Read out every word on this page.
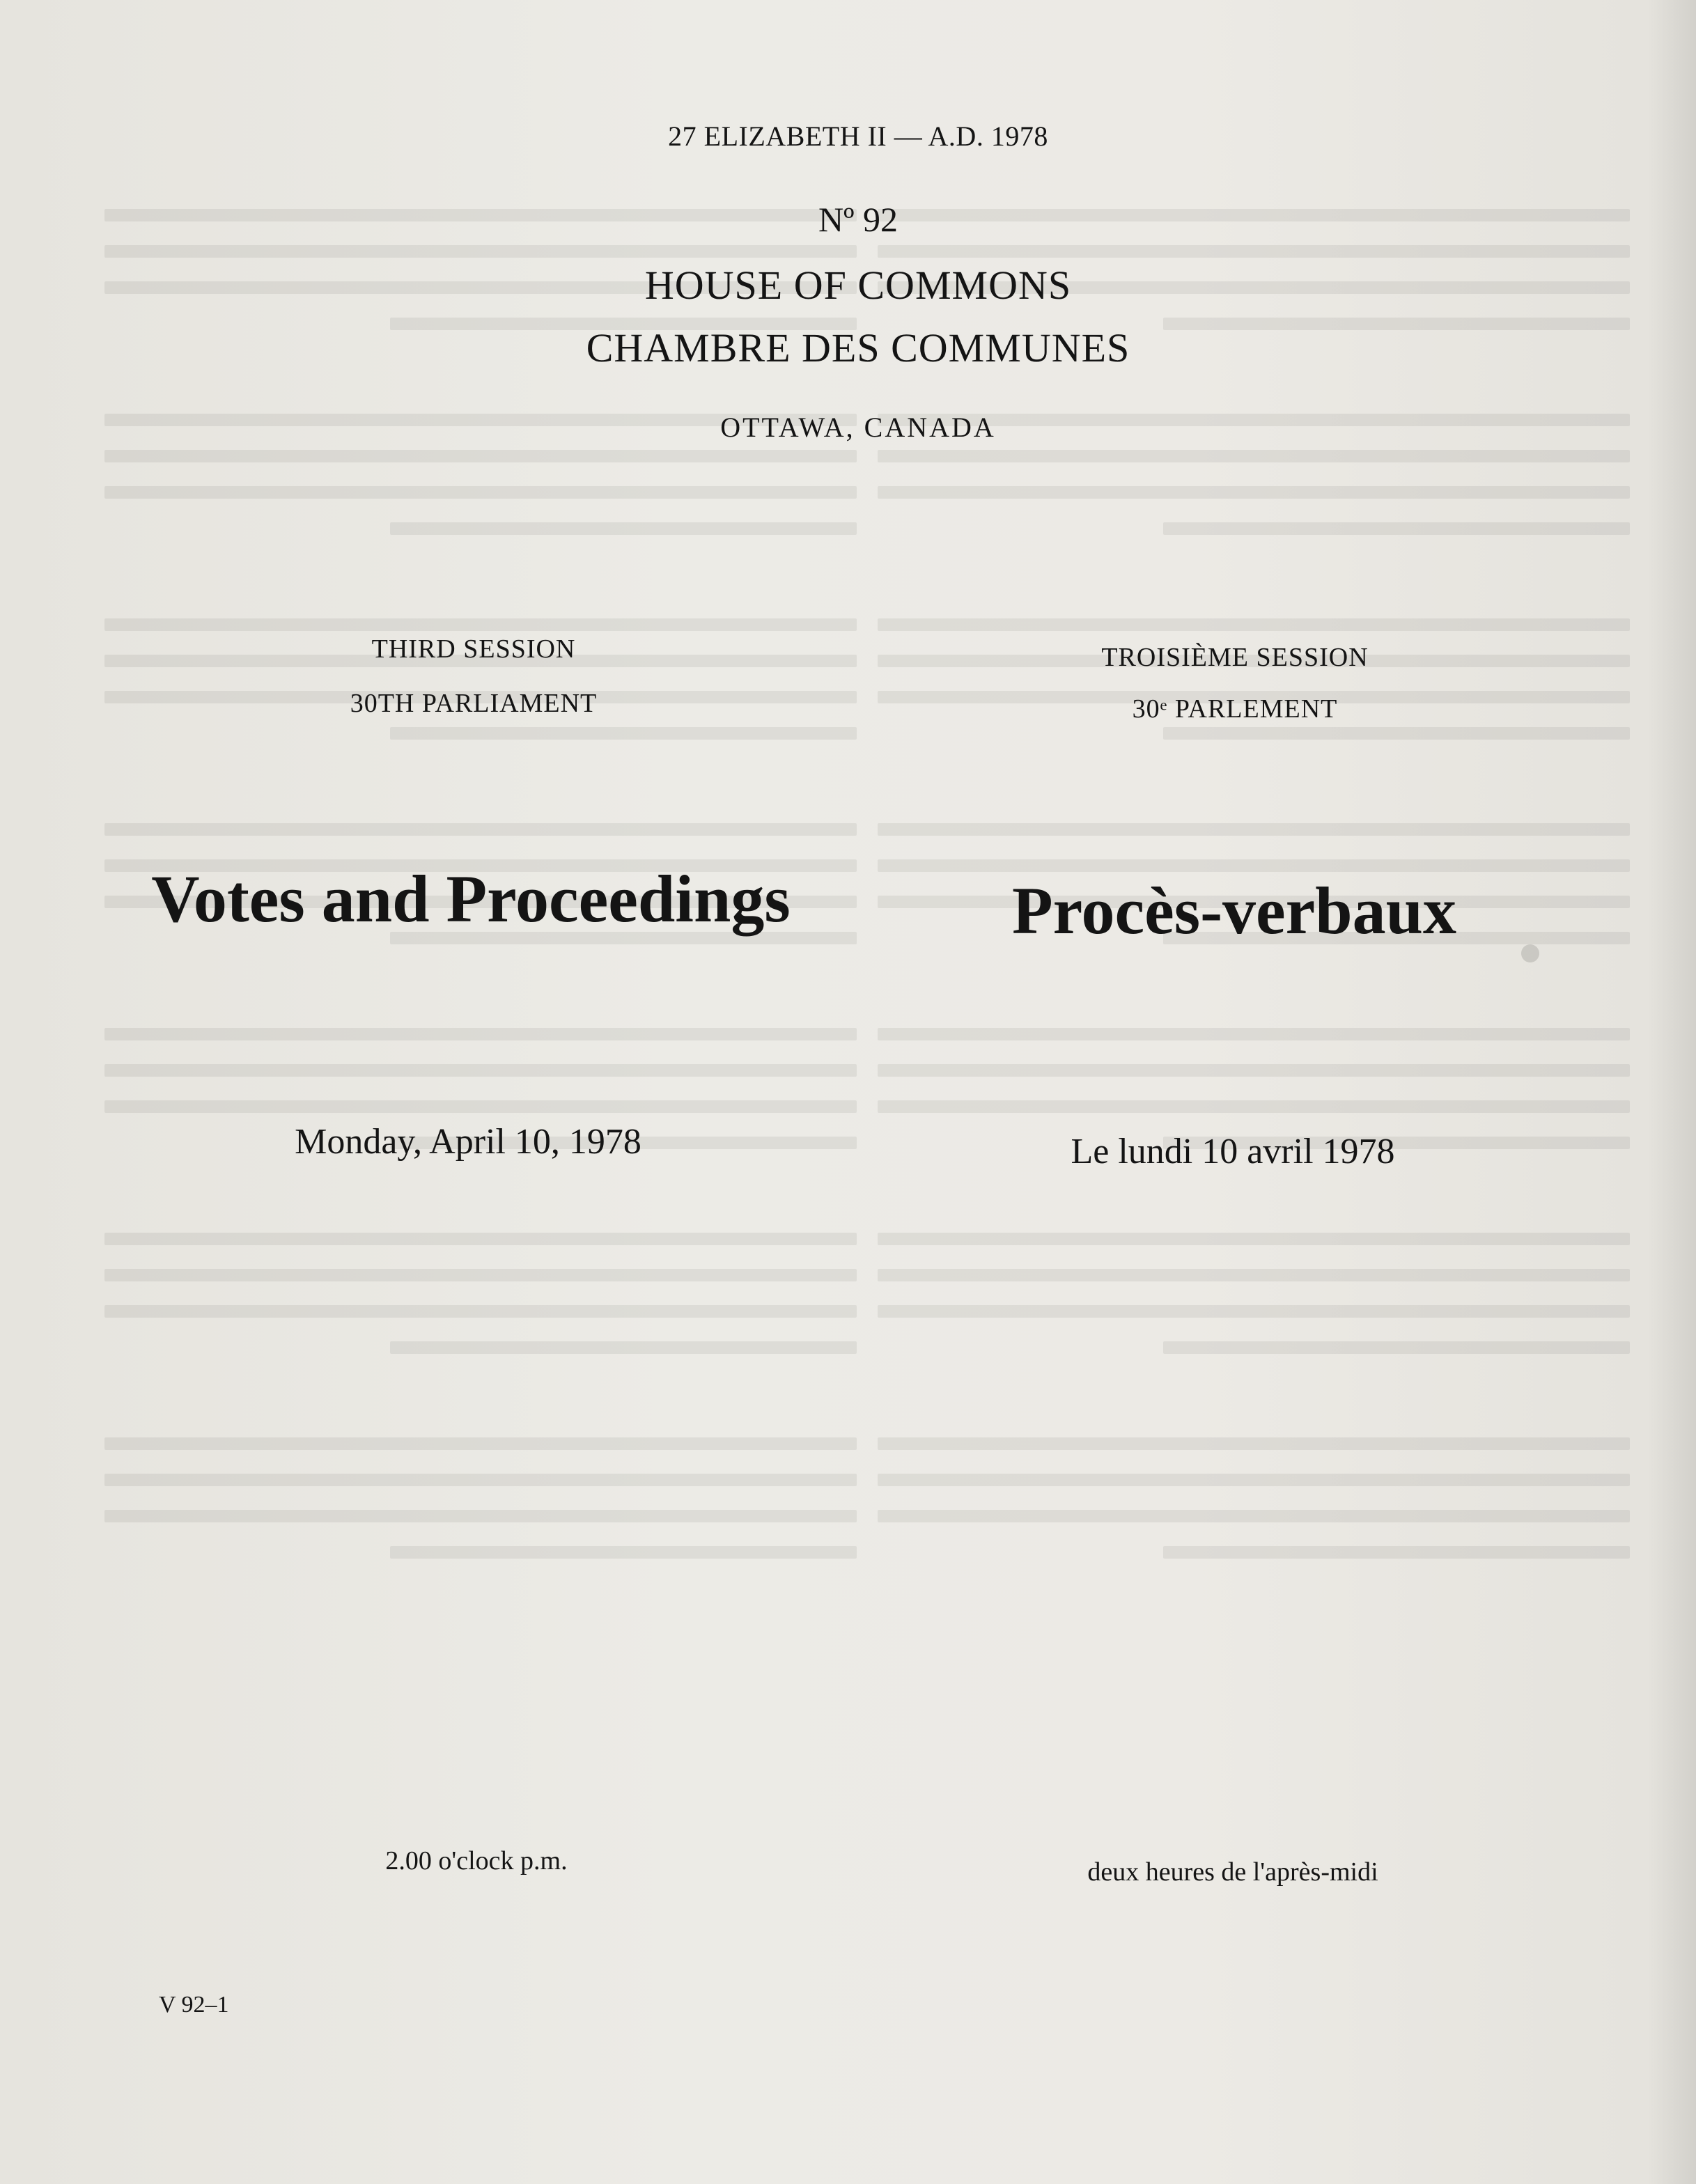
27 ELIZABETH II — A.D. 1978
Nº 92
HOUSE OF COMMONS
CHAMBRE DES COMMUNES
OTTAWA, CANADA
THIRD SESSION
30TH PARLIAMENT
TROISIÈME SESSION
30ᵉ PARLEMENT
Votes and Proceedings	Procès-verbaux
Monday, April 10, 1978	Le lundi 10 avril 1978
2.00 o'clock p.m.	deux heures de l'après-midi
V 92–1
